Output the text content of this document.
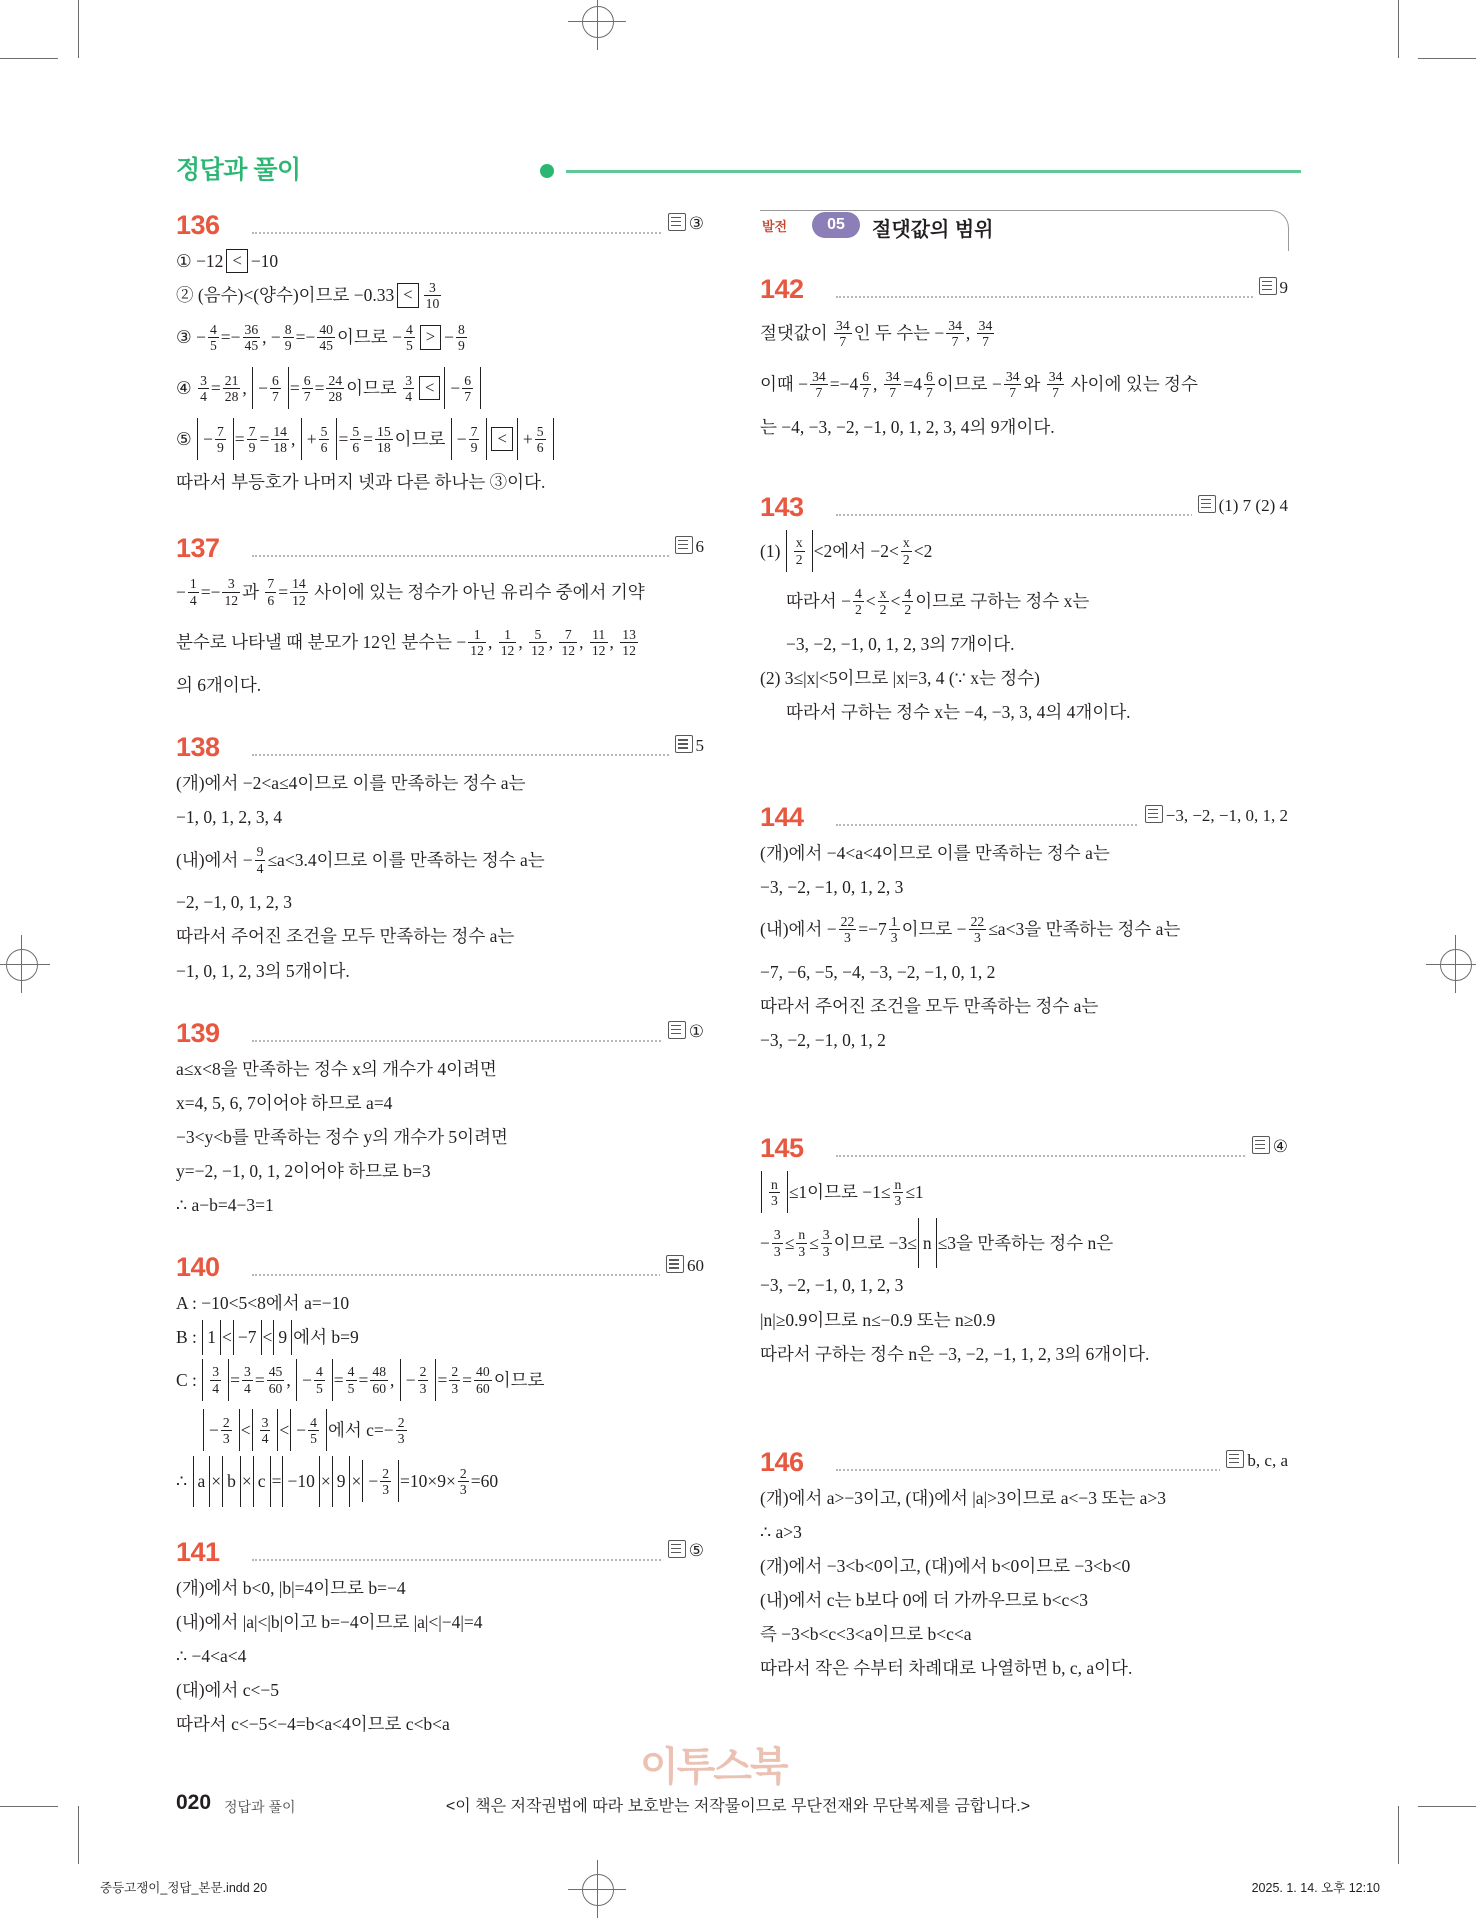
정답과 풀이
136	③
① −12 < −10
② (음수)<(양수)이므로 $-0.33 < \frac{3}{10}$
③ − $\frac{4}{5} =- \frac{36}{45}$ , − $\frac{8}{9} =- \frac{40}{45}$ 이므로 − $\frac{4}{5}$ > − $\frac{8}{9}$
④ $\frac{3}{4} = \frac{21}{28}$ , − $\frac{6}{7} = \frac{6}{7} = \frac{24}{28}$ 이므로 $\frac{3}{4}$ < − $\frac{6}{7}$
⑤ − $\frac{7}{9} = \frac{7}{9} = \frac{14}{18}$ , + $\frac{5}{6} = \frac{5}{6} = \frac{15}{18}$ 이므로 − $\frac{7}{9}$ < + $\frac{5}{6}$
따라서 부등호가 나머지 넷과 다른 하나는 ③이다.
137	6
− $\frac{1}{4} =- \frac{3}{12}$ 과 $\frac{7}{6} = \frac{14}{12}$ 사이에 있는 정수가 아닌 유리수 중에서 기약
분수로 나타낼 때 분모가 12인 분수는 − $\frac{1}{12}$ , $\frac{1}{12}$ , $\frac{5}{12}$ , $\frac{7}{12}$ , $\frac{11}{12}$ , $\frac{13}{12}$
의 6개이다.
138	5
(개)에서 −2<a≤4이므로 이를 만족하는 정수 a는
−1, 0, 1, 2, 3, 4
(내)에서 − $\frac{9}{4} \le a<3.4$이므로 이를 만족하는 정수 a는
−2, −1, 0, 1, 2, 3
따라서 주어진 조건을 모두 만족하는 정수 a는
−1, 0, 1, 2, 3의 5개이다.
139	①
a≤x<8을 만족하는 정수 x의 개수가 4이려면
x=4, 5, 6, 7이어야 하므로 a=4
−3<y<b를 만족하는 정수 y의 개수가 5이려면
y=−2, −1, 0, 1, 2이어야 하므로 b=3
∴ a−b=4−3=1
140	60
A : −10<5<8에서 a=−10
B : 1 < −7 < 9 에서 b=9
C : $\frac{3}{4} = \frac{3}{4} = \frac{45}{60}$ , − $\frac{4}{5} = \frac{4}{5} = \frac{48}{60}$ , − $\frac{2}{3} = \frac{2}{3} = \frac{40}{60}$ 이므로
− $\frac{2}{3} < \frac{3}{4}$ < − $\frac{4}{5}$ 에서 $c=- \frac{2}{3}$
∴ a × b × c = −10 × 9 × − $\frac{2}{3} =10\times 9\times \frac{2}{3} =60$
141	⑤
(개)에서 b<0, |b|=4이므로 b=−4
(내)에서 |a|<|b|이고 b=−4이므로 |a|<|−4|=4
∴ −4<a<4
(대)에서 c<−5
따라서 c<−5<−4=b<a<4이므로 c<b<a
발전	05	절댓값의 범위
142	9
절댓값이 $\frac{34}{7}$ 인 두 수는 − $\frac{34}{7}$ , $\frac{34}{7}$
이때 − $\frac{34}{7} =-4 \frac{6}{7}$ , $\frac{34}{7} =4 \frac{6}{7}$ 이므로 − $\frac{34}{7}$ 와 $\frac{34}{7}$ 사이에 있는 정수
는 −4, −3, −2, −1, 0, 1, 2, 3, 4의 9개이다.
143	(1) 7 (2) 4
$(1) \frac{x}{2} <2$에서 $-2< \frac{x}{2} <2$
따라서 − $\frac{4}{2} < \frac{x}{2} < \frac{4}{2}$ 이므로 구하는 정수 x는
−3, −2, −1, 0, 1, 2, 3의 7개이다.
(2) 3≤|x|<5이므로 |x|=3, 4 (∵ x는 정수)
따라서 구하는 정수 x는 −4, −3, 3, 4의 4개이다.
144	−3, −2, −1, 0, 1, 2
(개)에서 −4<a<4이므로 이를 만족하는 정수 a는
−3, −2, −1, 0, 1, 2, 3
(내)에서 − $\frac{22}{3} =-7 \frac{1}{3}$ 이므로 − $\frac{22}{3} \le a<3$을 만족하는 정수 a는
−7, −6, −5, −4, −3, −2, −1, 0, 1, 2
따라서 주어진 조건을 모두 만족하는 정수 a는
−3, −2, −1, 0, 1, 2
145	④
$\frac{n}{3} \le 1$이므로 $-1\le \frac{n}{3} \le 1$
− $\frac{3}{3} \le \frac{n}{3} \le \frac{3}{3}$ 이므로 −3≤ n ≤3을 만족하는 정수 n은
−3, −2, −1, 0, 1, 2, 3
|n|≥0.9이므로 n≤−0.9 또는 n≥0.9
따라서 구하는 정수 n은 −3, −2, −1, 1, 2, 3의 6개이다.
146	b, c, a
(개)에서 a>−3이고, (대)에서 |a|>3이므로 a<−3 또는 a>3
∴ a>3
(개)에서 −3<b<0이고, (대)에서 b<0이므로 −3<b<0
(내)에서 c는 b보다 0에 더 가까우므로 b<c<3
즉 −3<b<c<3<a이므로 b<c<a
따라서 작은 수부터 차례대로 나열하면 b, c, a이다.
이투스북
020 정답과 풀이	<이 책은 저작권법에 따라 보호받는 저작물이므로 무단전재와 무단복제를 금합니다.>
중등고쟁이_정답_본문.indd 20	2025. 1. 14. 오후 12:10
